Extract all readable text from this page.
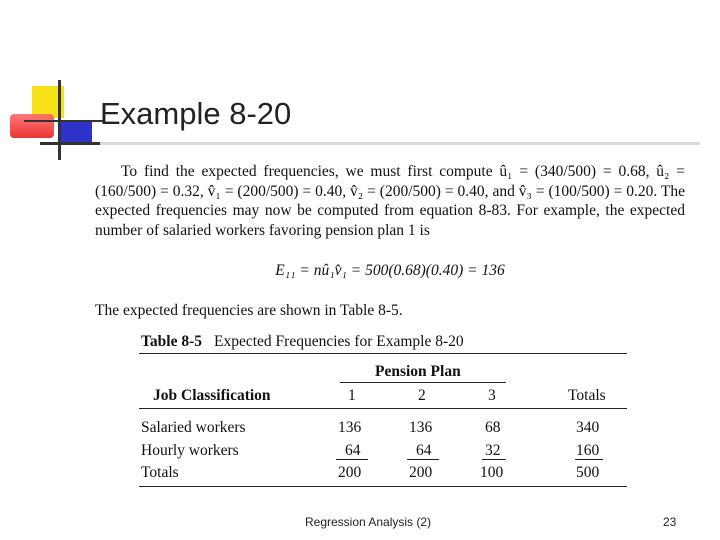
Example 8-20
To find the expected frequencies, we must first compute û₁ = (340/500) = 0.68, û₂ = (160/500) = 0.32, v̂₁ = (200/500) = 0.40, v̂₂ = (200/500) = 0.40, and v̂₃ = (100/500) = 0.20. The expected frequencies may now be computed from equation 8-83. For example, the expected number of salaried workers favoring pension plan 1 is
E₁₁ = nû₁v̂₁ = 500(0.68)(0.40) = 136
The expected frequencies are shown in Table 8-5.
Table 8-5 Expected Frequencies for Example 8-20
Pension Plan
Job Classification	1	2	3	Totals
Salaried workers	136	136	68	340
Hourly workers	64	64	32	160
Totals	200	200	100	500
Regression Analysis (2)	23
